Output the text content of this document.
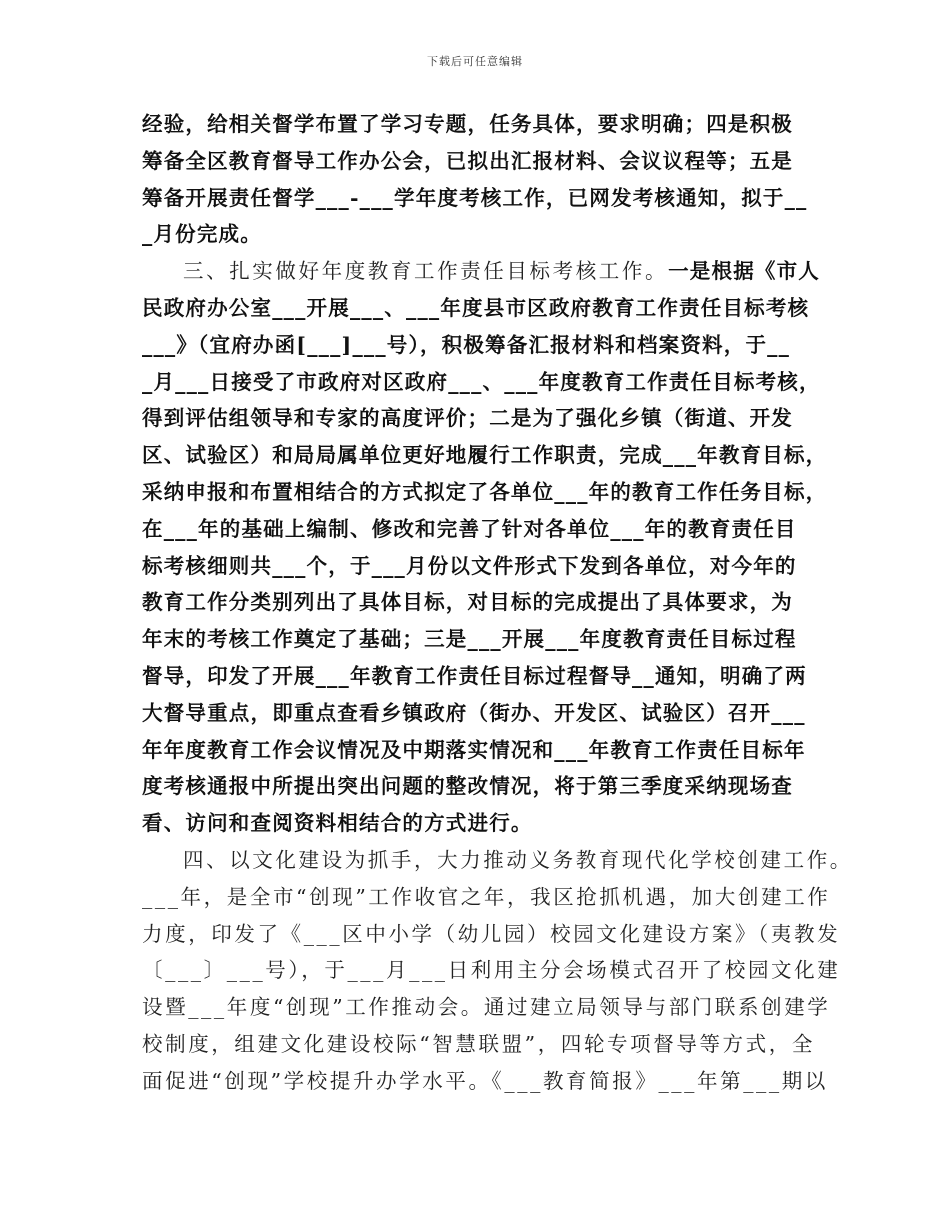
下载后可任意编辑
经验，给相关督学布置了学习专题，任务具体，要求明确；四是积极
筹备全区教育督导工作办公会，已拟出汇报材料、会议议程等；五是
筹备开展责任督学___-___学年度考核工作，已网发考核通知，拟于__
_月份完成。
三、扎实做好年度教育工作责任目标考核工作。一是根据《市人
民政府办公室___开展___、___年度县市区政府教育工作责任目标考核
___》（宜府办函[___]___号），积极筹备汇报材料和档案资料，于__
_月___日接受了市政府对区政府___、___年度教育工作责任目标考核，
得到评估组领导和专家的高度评价；二是为了强化乡镇（街道、开发
区、试验区）和局局属单位更好地履行工作职责，完成___年教育目标，
采纳申报和布置相结合的方式拟定了各单位___年的教育工作任务目标，
在___年的基础上编制、修改和完善了针对各单位___年的教育责任目
标考核细则共___个，于___月份以文件形式下发到各单位，对今年的
教育工作分类别列出了具体目标，对目标的完成提出了具体要求，为
年末的考核工作奠定了基础；三是___开展___年度教育责任目标过程
督导，印发了开展___年教育工作责任目标过程督导__通知，明确了两
大督导重点，即重点查看乡镇政府（街办、开发区、试验区）召开___
年年度教育工作会议情况及中期落实情况和___年教育工作责任目标年
度考核通报中所提出突出问题的整改情况，将于第三季度采纳现场查
看、访问和查阅资料相结合的方式进行。
四、以文化建设为抓手，大力推动义务教育现代化学校创建工作。
___年，是全市“创现”工作收官之年，我区抢抓机遇，加大创建工作
力度，印发了《___区中小学（幼儿园）校园文化建设方案》（夷教发
〔___〕___号），于___月___日利用主分会场模式召开了校园文化建
设暨___年度“创现”工作推动会。通过建立局领导与部门联系创建学
校制度，组建文化建设校际“智慧联盟”，四轮专项督导等方式，全
面促进“创现”学校提升办学水平。《___教育简报》___年第___期以
